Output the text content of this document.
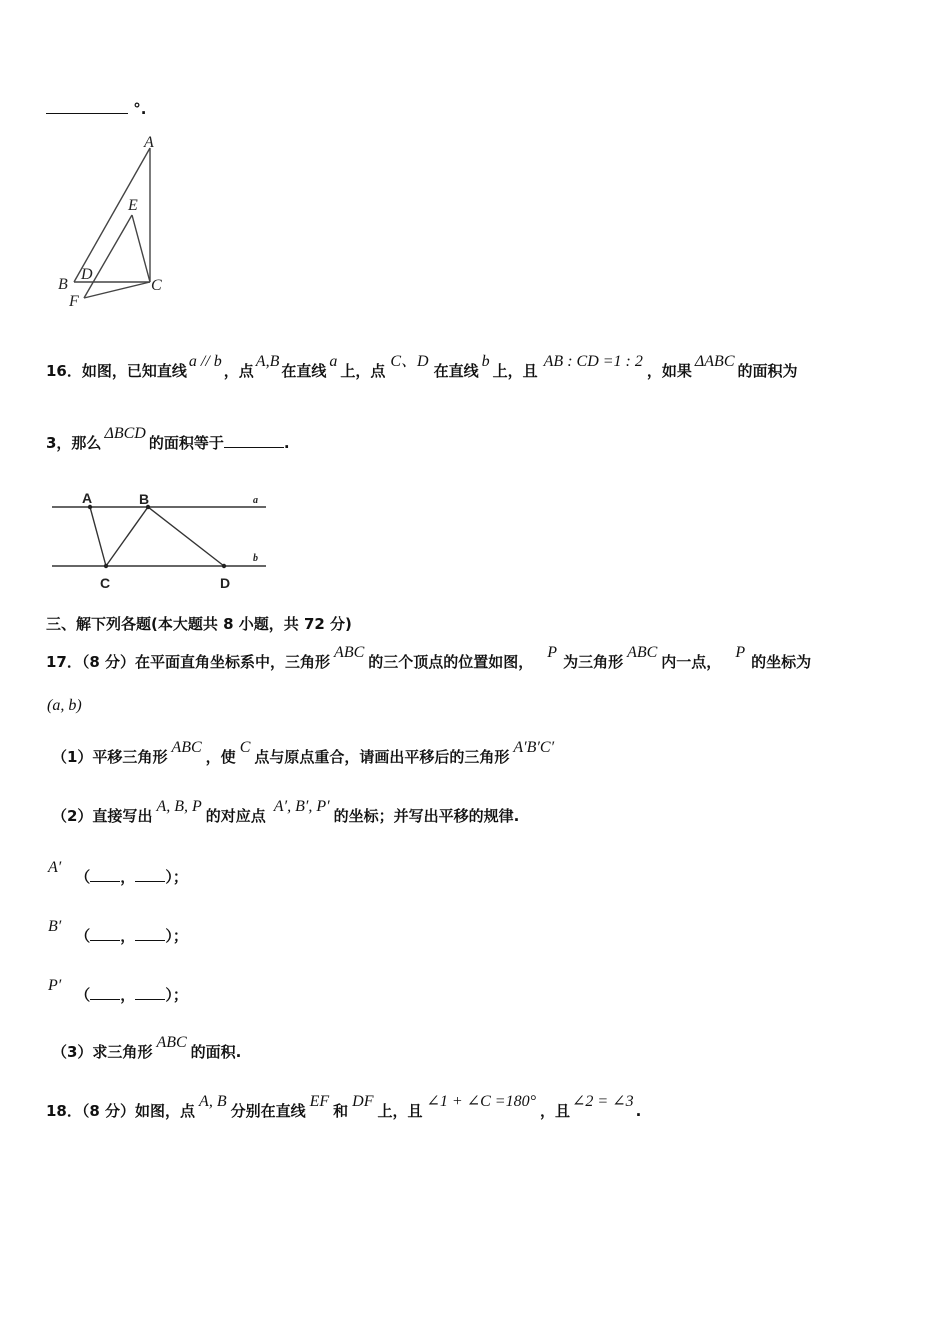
°.
A
E
B
D
F
C
16．如图，已知直线a // b，点A,B在直线a上，点C、D在直线b上，且AB : CD =1 : 2，如果ΔABC的面积为
3，那么ΔBCD的面积等于	.
A	B
C	D
a
b
三、解下列各题(本大题共 8 小题，共 72 分)
17．（8 分）在平面直角坐标系中，三角形ABC的三个顶点的位置如图，P为三角形ABC内一点，P的坐标为
(a, b)
（1）平移三角形ABC，使C点与原点重合，请画出平移后的三角形A′B′C′
（2）直接写出A, B, P的对应点A′, B′, P′的坐标；并写出平移的规律.
A′（ ， ）；
B′（ ， ）；
P′（ ， ）；
（3）求三角形ABC的面积.
18．（8 分）如图，点A, B分别在直线EF和DF上，且∠1 + ∠C =180°，且∠2 = ∠3.
